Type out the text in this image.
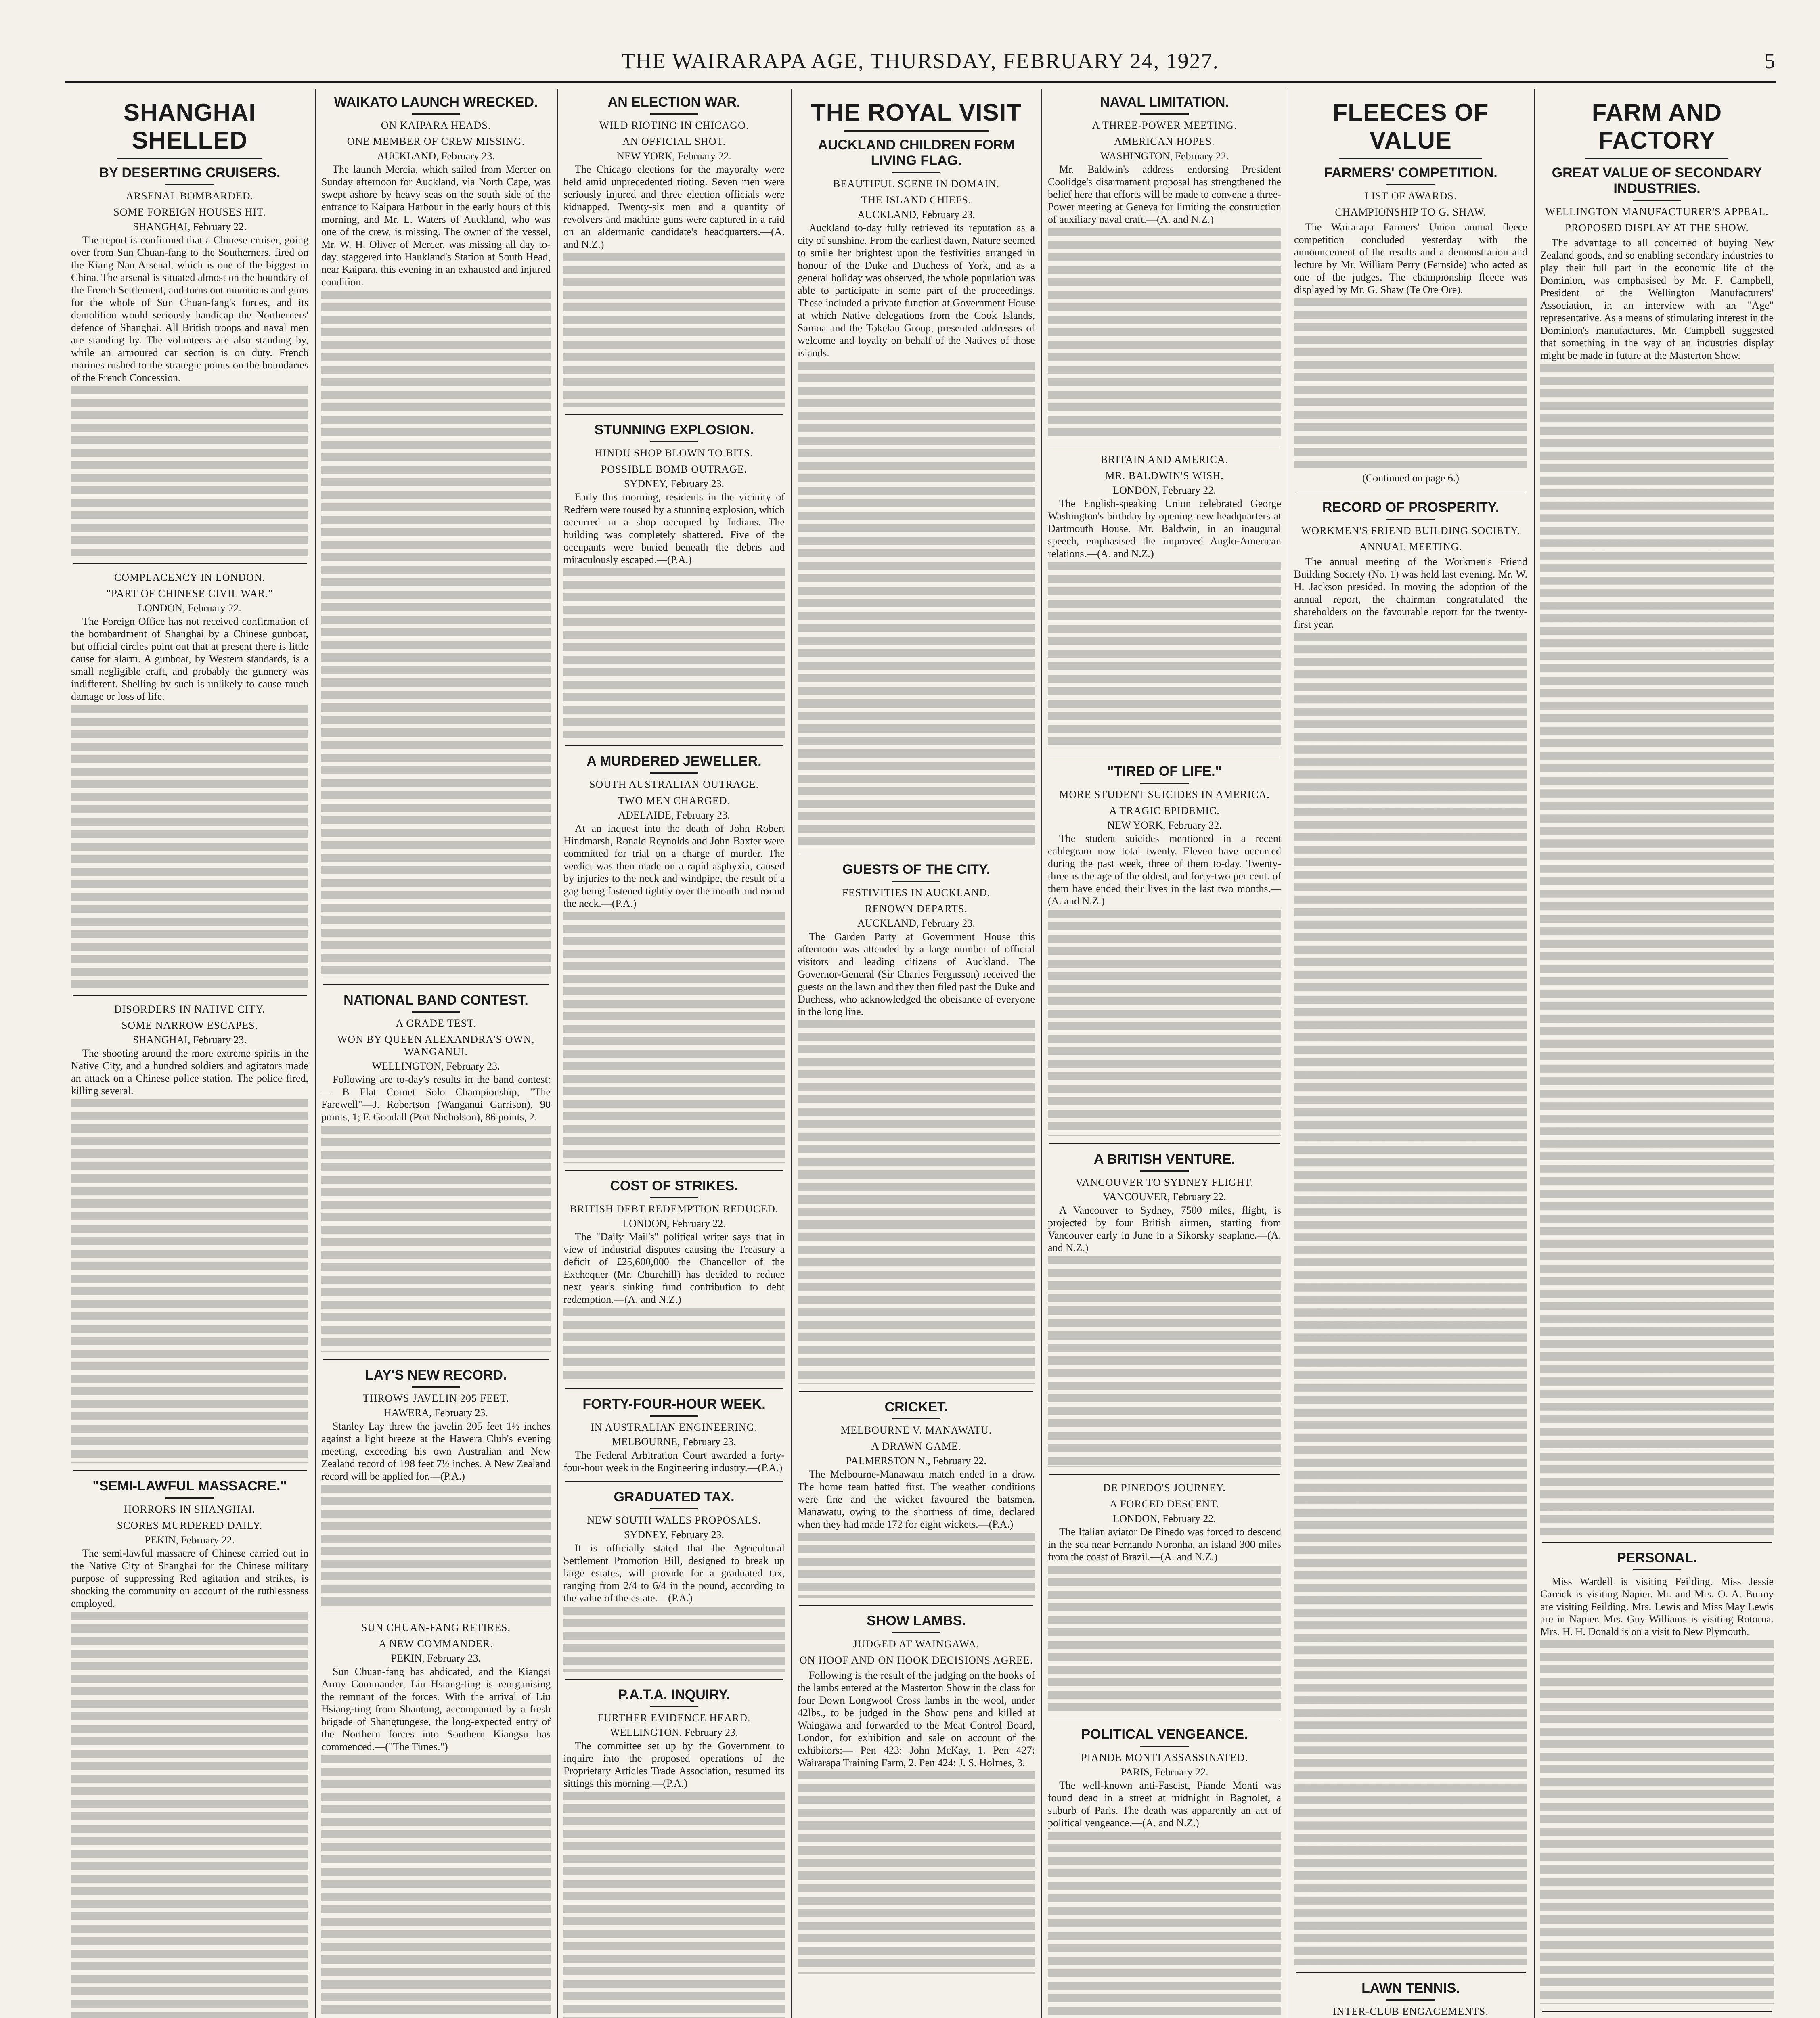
THE WAIRARAPA AGE, THURSDAY, FEBRUARY 24, 1927.	5
SHANGHAI SHELLED
BY DESERTING CRUISERS.
ARSENAL BOMBARDED.
SOME FOREIGN HOUSES HIT.
SHANGHAI, February 22.

The report is confirmed that a Chinese cruiser, going over from Sun Chuan-fang to the Southerners, fired on the Kiang Nan Arsenal, which is one of the biggest in China. The arsenal is situated almost on the boundary of the French Settlement, and turns out munitions and guns for the whole of Sun Chuan-fang's forces, and its demolition would seriously handicap the Northerners' defence of Shanghai. All British troops and naval men are standing by. The volunteers are also standing by, while an armoured car section is on duty. French marines rushed to the strategic points on the boundaries of the French Concession.

COMPLACENCY IN LONDON.
"PART OF CHINESE CIVIL WAR."
LONDON, February 22.

The Foreign Office has not received confirmation of the bombardment of Shanghai by a Chinese gunboat, but official circles point out that at present there is little cause for alarm. A gunboat, by Western standards, is a small negligible craft, and probably the gunnery was indifferent. Shelling by such is unlikely to cause much damage or loss of life.

DISORDERS IN NATIVE CITY.
SOME NARROW ESCAPES.
SHANGHAI, February 23.

The shooting around the more extreme spirits in the Native City, and a hundred soldiers and agitators made an attack on a Chinese police station. The police fired, killing several.

"SEMI-LAWFUL MASSACRE."
HORRORS IN SHANGHAI.
SCORES MURDERED DAILY.
PEKIN, February 22.

The semi-lawful massacre of Chinese carried out in the Native City of Shanghai for the Chinese military purpose of suppressing Red agitation and strikes, is shocking the community on account of the ruthlessness employed.

WAIKATO LAUNCH WRECKED.
ON KAIPARA HEADS.
ONE MEMBER OF CREW MISSING.
AUCKLAND, February 23.

The launch Mercia, which sailed from Mercer on Sunday afternoon for Auckland, via North Cape, was swept ashore by heavy seas on the south side of the entrance to Kaipara Harbour in the early hours of this morning, and Mr. L. Waters of Auckland, who was one of the crew, is missing. The owner of the vessel, Mr. W. H. Oliver of Mercer, was missing all day to-day, staggered into Haukland's Station at South Head, near Kaipara, this evening in an exhausted and injured condition.

NATIONAL BAND CONTEST.
A GRADE TEST.
WON BY QUEEN ALEXANDRA'S OWN, WANGANUI.
WELLINGTON, February 23.

Following are to-day's results in the band contest:— B Flat Cornet Solo Championship, "The Farewell"—J. Robertson (Wanganui Garrison), 90 points, 1; F. Goodall (Port Nicholson), 86 points, 2.

LAY'S NEW RECORD.
THROWS JAVELIN 205 FEET.
HAWERA, February 23.

Stanley Lay threw the javelin 205 feet 1½ inches against a light breeze at the Hawera Club's evening meeting, exceeding his own Australian and New Zealand record of 198 feet 7½ inches. A New Zealand record will be applied for.—(P.A.)

SUN CHUAN-FANG RETIRES.
A NEW COMMANDER.
PEKIN, February 23.

Sun Chuan-fang has abdicated, and the Kiangsi Army Commander, Liu Hsiang-ting is reorganising the remnant of the forces. With the arrival of Liu Hsiang-ting from Shantung, accompanied by a fresh brigade of Shangtungese, the long-expected entry of the Northern forces into Southern Kiangsu has commenced.—("The Times.")

AN ELECTION WAR.
WILD RIOTING IN CHICAGO.
AN OFFICIAL SHOT.
NEW YORK, February 22.

The Chicago elections for the mayoralty were held amid unprecedented rioting. Seven men were seriously injured and three election officials were kidnapped. Twenty-six men and a quantity of revolvers and machine guns were captured in a raid on an aldermanic candidate's headquarters.—(A. and N.Z.)

STUNNING EXPLOSION.
HINDU SHOP BLOWN TO BITS.
POSSIBLE BOMB OUTRAGE.
SYDNEY, February 23.

Early this morning, residents in the vicinity of Redfern were roused by a stunning explosion, which occurred in a shop occupied by Indians. The building was completely shattered. Five of the occupants were buried beneath the debris and miraculously escaped.—(P.A.)

A MURDERED JEWELLER.
SOUTH AUSTRALIAN OUTRAGE.
TWO MEN CHARGED.
ADELAIDE, February 23.

At an inquest into the death of John Robert Hindmarsh, Ronald Reynolds and John Baxter were committed for trial on a charge of murder. The verdict was then made on a rapid asphyxia, caused by injuries to the neck and windpipe, the result of a gag being fastened tightly over the mouth and round the neck.—(P.A.)

COST OF STRIKES.
BRITISH DEBT REDEMPTION REDUCED.
LONDON, February 22.

The "Daily Mail's" political writer says that in view of industrial disputes causing the Treasury a deficit of £25,600,000 the Chancellor of the Exchequer (Mr. Churchill) has decided to reduce next year's sinking fund contribution to debt redemption.—(A. and N.Z.)

FORTY-FOUR-HOUR WEEK.
IN AUSTRALIAN ENGINEERING.
MELBOURNE, February 23.

The Federal Arbitration Court awarded a forty-four-hour week in the Engineering industry.—(P.A.)

GRADUATED TAX.
NEW SOUTH WALES PROPOSALS.
SYDNEY, February 23.

It is officially stated that the Agricultural Settlement Promotion Bill, designed to break up large estates, will provide for a graduated tax, ranging from 2/4 to 6/4 in the pound, according to the value of the estate.—(P.A.)

P.A.T.A. INQUIRY.
FURTHER EVIDENCE HEARD.
WELLINGTON, February 23.

The committee set up by the Government to inquire into the proposed operations of the Proprietary Articles Trade Association, resumed its sittings this morning.—(P.A.)

THE ROYAL VISIT
AUCKLAND CHILDREN FORM LIVING FLAG.
BEAUTIFUL SCENE IN DOMAIN.
THE ISLAND CHIEFS.
AUCKLAND, February 23.

Auckland to-day fully retrieved its reputation as a city of sunshine. From the earliest dawn, Nature seemed to smile her brightest upon the festivities arranged in honour of the Duke and Duchess of York, and as a general holiday was observed, the whole population was able to participate in some part of the proceedings. These included a private function at Government House at which Native delegations from the Cook Islands, Samoa and the Tokelau Group, presented addresses of welcome and loyalty on behalf of the Natives of those islands.

GUESTS OF THE CITY.
FESTIVITIES IN AUCKLAND.
RENOWN DEPARTS.
AUCKLAND, February 23.

The Garden Party at Government House this afternoon was attended by a large number of official visitors and leading citizens of Auckland. The Governor-General (Sir Charles Fergusson) received the guests on the lawn and they then filed past the Duke and Duchess, who acknowledged the obeisance of everyone in the long line.

CRICKET.
MELBOURNE V. MANAWATU.
A DRAWN GAME.
PALMERSTON N., February 22.

The Melbourne-Manawatu match ended in a draw. The home team batted first. The weather conditions were fine and the wicket favoured the batsmen. Manawatu, owing to the shortness of time, declared when they had made 172 for eight wickets.—(P.A.)

SHOW LAMBS.
JUDGED AT WAINGAWA.
ON HOOF AND ON HOOK DECISIONS AGREE.

Following is the result of the judging on the hooks of the lambs entered at the Masterton Show in the class for four Down Longwool Cross lambs in the wool, under 42lbs., to be judged in the Show pens and killed at Waingawa and forwarded to the Meat Control Board, London, for exhibition and sale on account of the exhibitors:— Pen 423: John McKay, 1. Pen 427: Wairarapa Training Farm, 2. Pen 424: J. S. Holmes, 3.

NAVAL LIMITATION.
A THREE-POWER MEETING.
AMERICAN HOPES.
WASHINGTON, February 22.

Mr. Baldwin's address endorsing President Coolidge's disarmament proposal has strengthened the belief here that efforts will be made to convene a three-Power meeting at Geneva for limiting the construction of auxiliary naval craft.—(A. and N.Z.)

BRITAIN AND AMERICA.
MR. BALDWIN'S WISH.
LONDON, February 22.

The English-speaking Union celebrated George Washington's birthday by opening new headquarters at Dartmouth House. Mr. Baldwin, in an inaugural speech, emphasised the improved Anglo-American relations.—(A. and N.Z.)

"TIRED OF LIFE."
MORE STUDENT SUICIDES IN AMERICA.
A TRAGIC EPIDEMIC.
NEW YORK, February 22.

The student suicides mentioned in a recent cablegram now total twenty. Eleven have occurred during the past week, three of them to-day. Twenty-three is the age of the oldest, and forty-two per cent. of them have ended their lives in the last two months.—(A. and N.Z.)

A BRITISH VENTURE.
VANCOUVER TO SYDNEY FLIGHT.
VANCOUVER, February 22.

A Vancouver to Sydney, 7500 miles, flight, is projected by four British airmen, starting from Vancouver early in June in a Sikorsky seaplane.—(A. and N.Z.)

DE PINEDO'S JOURNEY.
A FORCED DESCENT.
LONDON, February 22.

The Italian aviator De Pinedo was forced to descend in the sea near Fernando Noronha, an island 300 miles from the coast of Brazil.—(A. and N.Z.)

POLITICAL VENGEANCE.
PIANDE MONTI ASSASSINATED.
PARIS, February 22.

The well-known anti-Fascist, Piande Monti was found dead in a street at midnight in Bagnolet, a suburb of Paris. The death was apparently an act of political vengeance.—(A. and N.Z.)

FLEECES OF VALUE
FARMERS' COMPETITION.
LIST OF AWARDS.
CHAMPIONSHIP TO G. SHAW.

The Wairarapa Farmers' Union annual fleece competition concluded yesterday with the announcement of the results and a demonstration and lecture by Mr. William Perry (Fernside) who acted as one of the judges. The championship fleece was displayed by Mr. G. Shaw (Te Ore Ore).

(Continued on page 6.)
RECORD OF PROSPERITY.
WORKMEN'S FRIEND BUILDING SOCIETY.
ANNUAL MEETING.

The annual meeting of the Workmen's Friend Building Society (No. 1) was held last evening. Mr. W. H. Jackson presided. In moving the adoption of the annual report, the chairman congratulated the shareholders on the favourable report for the twenty-first year.

LAWN TENNIS.
INTER-CLUB ENGAGEMENTS.

FARM AND FACTORY
GREAT VALUE OF SECONDARY INDUSTRIES.
WELLINGTON MANUFACTURER'S APPEAL.
PROPOSED DISPLAY AT THE SHOW.

The advantage to all concerned of buying New Zealand goods, and so enabling secondary industries to play their full part in the economic life of the Dominion, was emphasised by Mr. F. Campbell, President of the Wellington Manufacturers' Association, in an interview with an "Age" representative. As a means of stimulating interest in the Dominion's manufactures, Mr. Campbell suggested that something in the way of an industries display might be made in future at the Masterton Show.

PERSONAL.

Miss Wardell is visiting Feilding. Miss Jessie Carrick is visiting Napier. Mr. and Mrs. O. A. Bunny are visiting Feilding. Mrs. Lewis and Miss May Lewis are in Napier. Mrs. Guy Williams is visiting Rotorua. Mrs. H. H. Donald is on a visit to New Plymouth.
